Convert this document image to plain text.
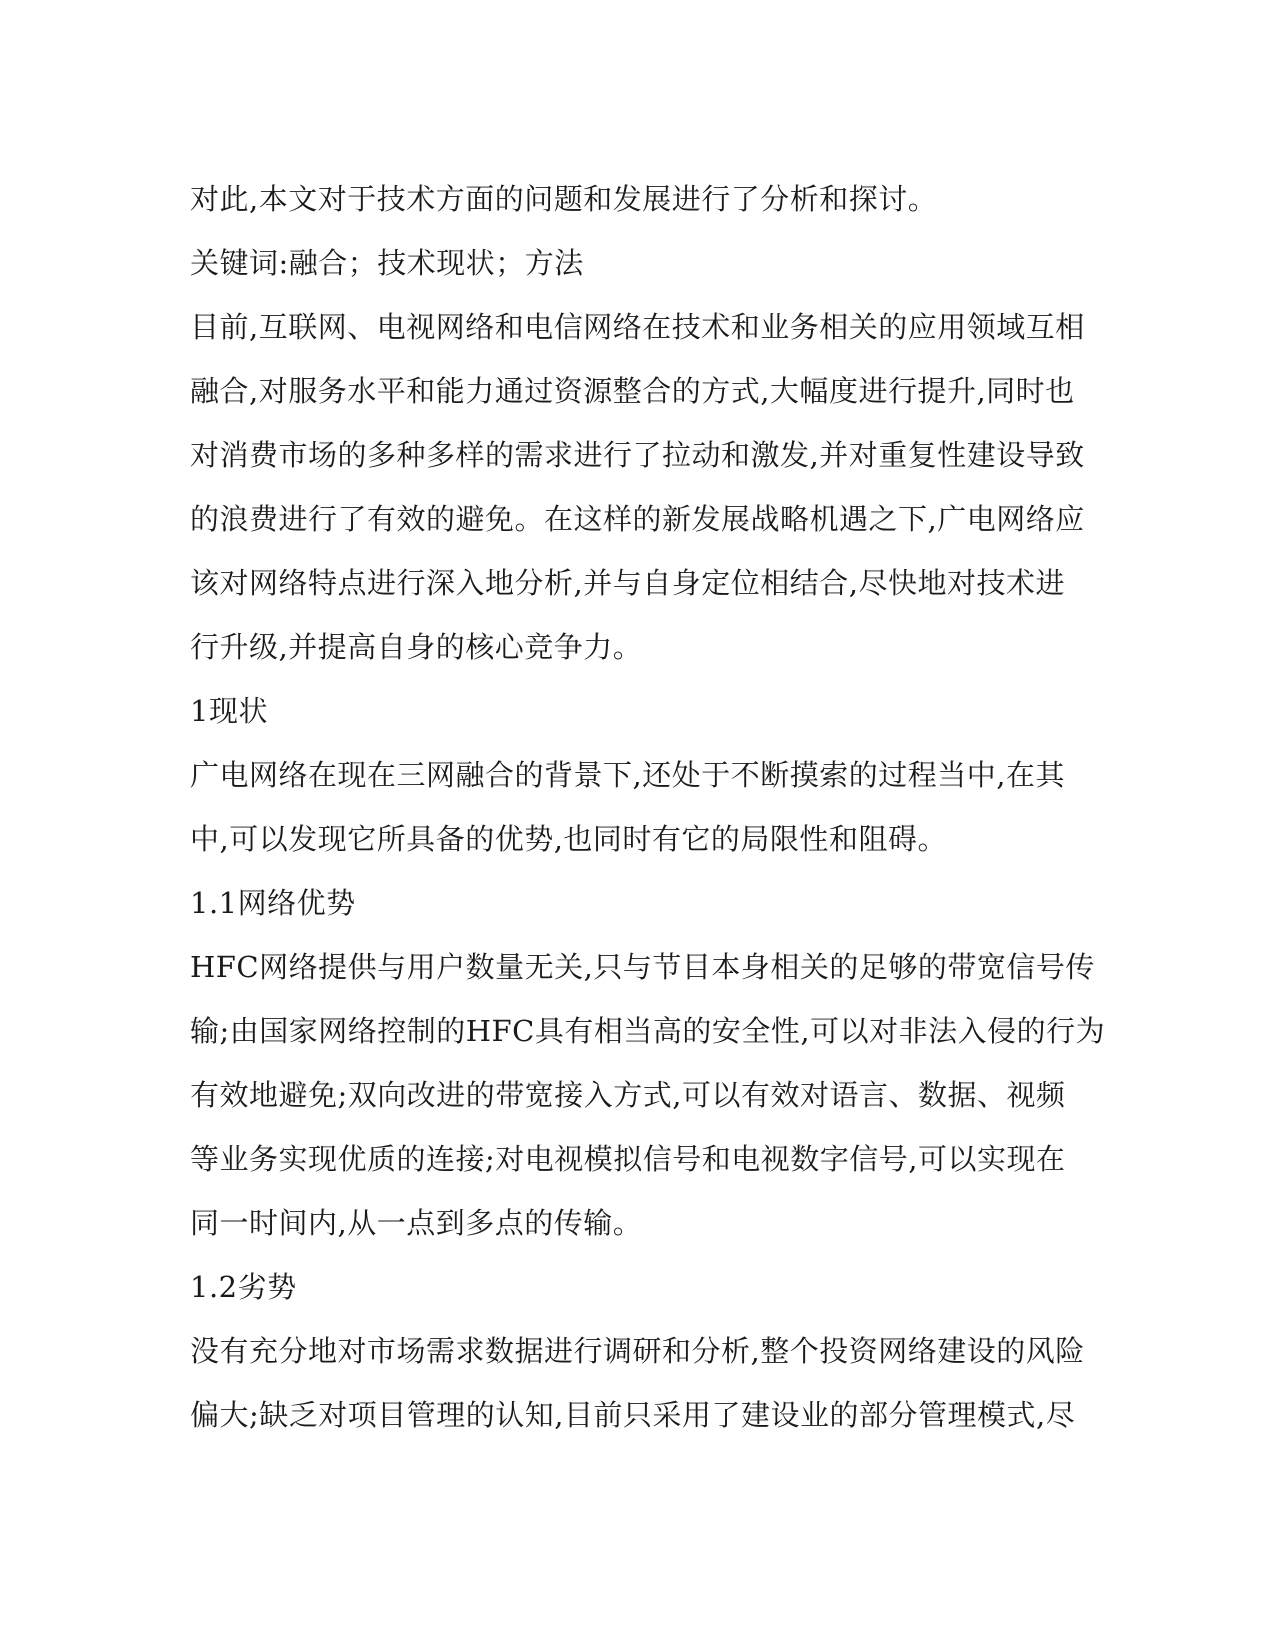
对此,本文对于技术方面的问题和发展进行了分析和探讨。

关键词:融合；技术现状；方法

目前,互联网、电视网络和电信网络在技术和业务相关的应用领域互相

融合,对服务水平和能力通过资源整合的方式,大幅度进行提升,同时也

对消费市场的多种多样的需求进行了拉动和激发,并对重复性建设导致

的浪费进行了有效的避免。在这样的新发展战略机遇之下,广电网络应

该对网络特点进行深入地分析,并与自身定位相结合,尽快地对技术进

行升级,并提高自身的核心竞争力。

1现状

广电网络在现在三网融合的背景下,还处于不断摸索的过程当中,在其

中,可以发现它所具备的优势,也同时有它的局限性和阻碍。

1.1网络优势

HFC网络提供与用户数量无关,只与节目本身相关的足够的带宽信号传

输;由国家网络控制的HFC具有相当高的安全性,可以对非法入侵的行为

有效地避免;双向改进的带宽接入方式,可以有效对语言、数据、视频

等业务实现优质的连接;对电视模拟信号和电视数字信号,可以实现在

同一时间内,从一点到多点的传输。

1.2劣势

没有充分地对市场需求数据进行调研和分析,整个投资网络建设的风险

偏大;缺乏对项目管理的认知,目前只采用了建设业的部分管理模式,尽
